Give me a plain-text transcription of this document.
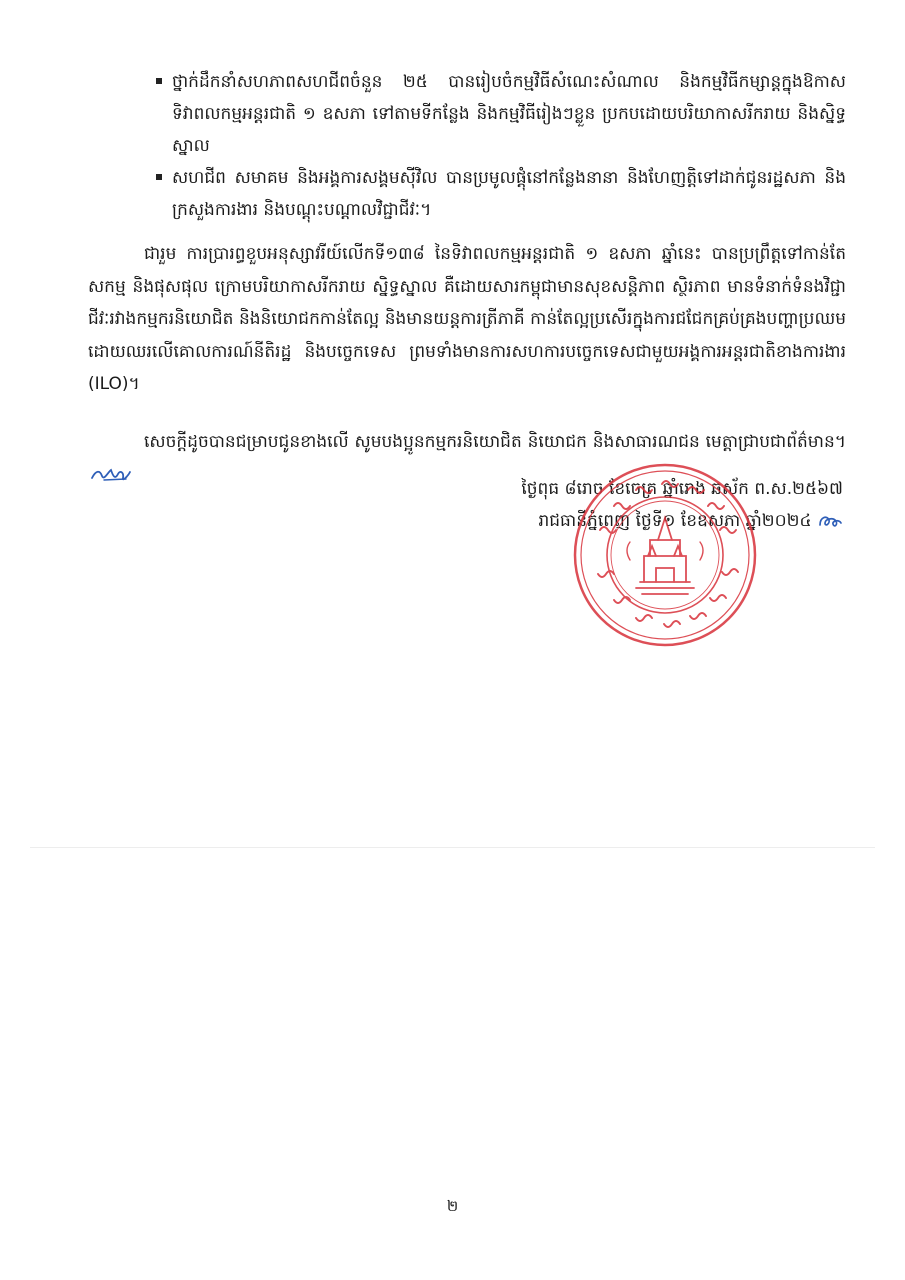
ថ្នាក់ដឹកនាំសហភាពសហជីពចំនួន ២៥ បានរៀបចំកម្មវិធីសំណេះសំណាល និងកម្មវិធីកម្សាន្តក្នុងឱកាសទិវាពលកម្មអន្តរជាតិ ១ ឧសភា ទៅតាមទីកន្លែង និងកម្មវិធីរៀងៗខ្លួន ប្រកបដោយបរិយាកាសរីករាយ និងស្និទ្ធស្នាល
សហជីព សមាគម និងអង្គការសង្គមស៊ីវិល បានប្រមូលផ្តុំនៅកន្លែងនានា និងហែញត្តិទៅដាក់ជូនរដ្ឋសភា និងក្រសួងការងារ និងបណ្តុះបណ្តាលវិជ្ជាជីវៈ។

ជារួម ការប្រារព្ធខួបអនុស្សាវរីយ៍លើកទី១៣៨ នៃទិវាពលកម្មអន្តរជាតិ ១ ឧសភា ឆ្នាំនេះ បានប្រព្រឹត្តទៅកាន់តែសកម្ម និងផុសផុល ក្រោមបរិយាកាសរីករាយ ស្និទ្ធស្នាល គឺដោយសារកម្ពុជាមានសុខសន្តិភាព ស្ថិរភាព មានទំនាក់ទំនងវិជ្ជាជីវៈរវាងកម្មករនិយោជិត និងនិយោជកកាន់តែល្អ និងមានយន្តការត្រីភាគី កាន់តែល្អប្រសើរក្នុងការជជែកគ្រប់គ្រងបញ្ហាប្រឈម ដោយឈរលើគោលការណ៍នីតិរដ្ឋ និងបច្ចេកទេស ព្រមទាំងមានការសហការបច្ចេកទេសជាមួយអង្គការអន្តរជាតិខាងការងារ (ILO)។

សេចក្តីដូចបានជម្រាបជូនខាងលើ សូមបងប្អូនកម្មករនិយោជិត និយោជក និងសាធារណជន មេត្តាជ្រាបជាព័ត៌មាន។

ថ្ងៃពុធ ៨រោច ខែចេត្រ ឆ្នាំរោង ឆស័ក ព.ស.២៥៦៧
រាជធានីភ្នំពេញ ថ្ងៃទី១ ខែឧសភា ឆ្នាំ២០២៤
២
